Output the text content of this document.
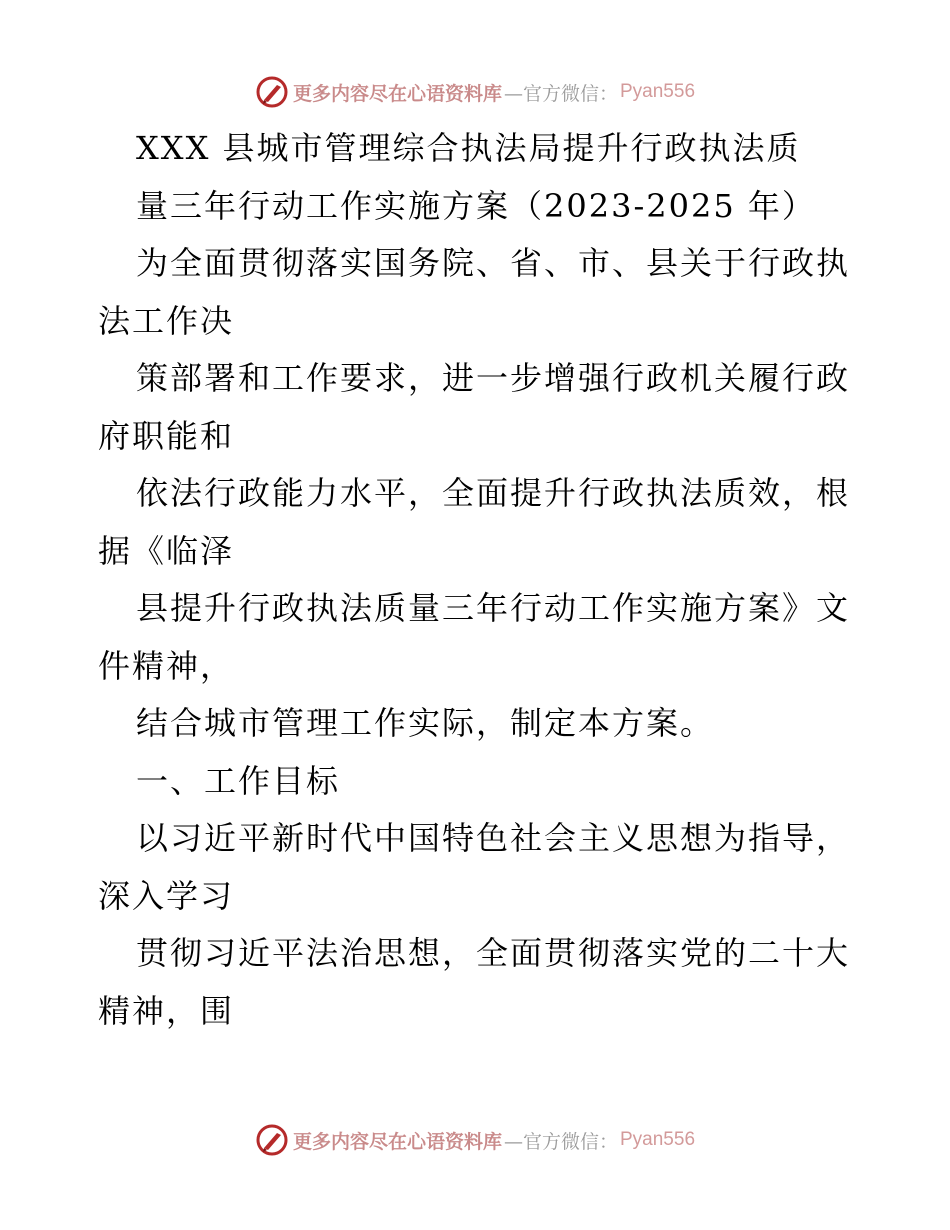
更多内容尽在心语资料库 —官方微信： Pyan556
XXX 县城市管理综合执法局提升行政执法质
量三年行动工作实施方案（2023-2025 年）
为全面贯彻落实国务院、省、市、县关于行政执
法工作决
策部署和工作要求，进一步增强行政机关履行政
府职能和
依法行政能力水平，全面提升行政执法质效，根
据《临泽
县提升行政执法质量三年行动工作实施方案》文
件精神，
结合城市管理工作实际，制定本方案。
一、工作目标
以习近平新时代中国特色社会主义思想为指导，
深入学习
贯彻习近平法治思想，全面贯彻落实党的二十大
精神，围
更多内容尽在心语资料库 —官方微信： Pyan556
